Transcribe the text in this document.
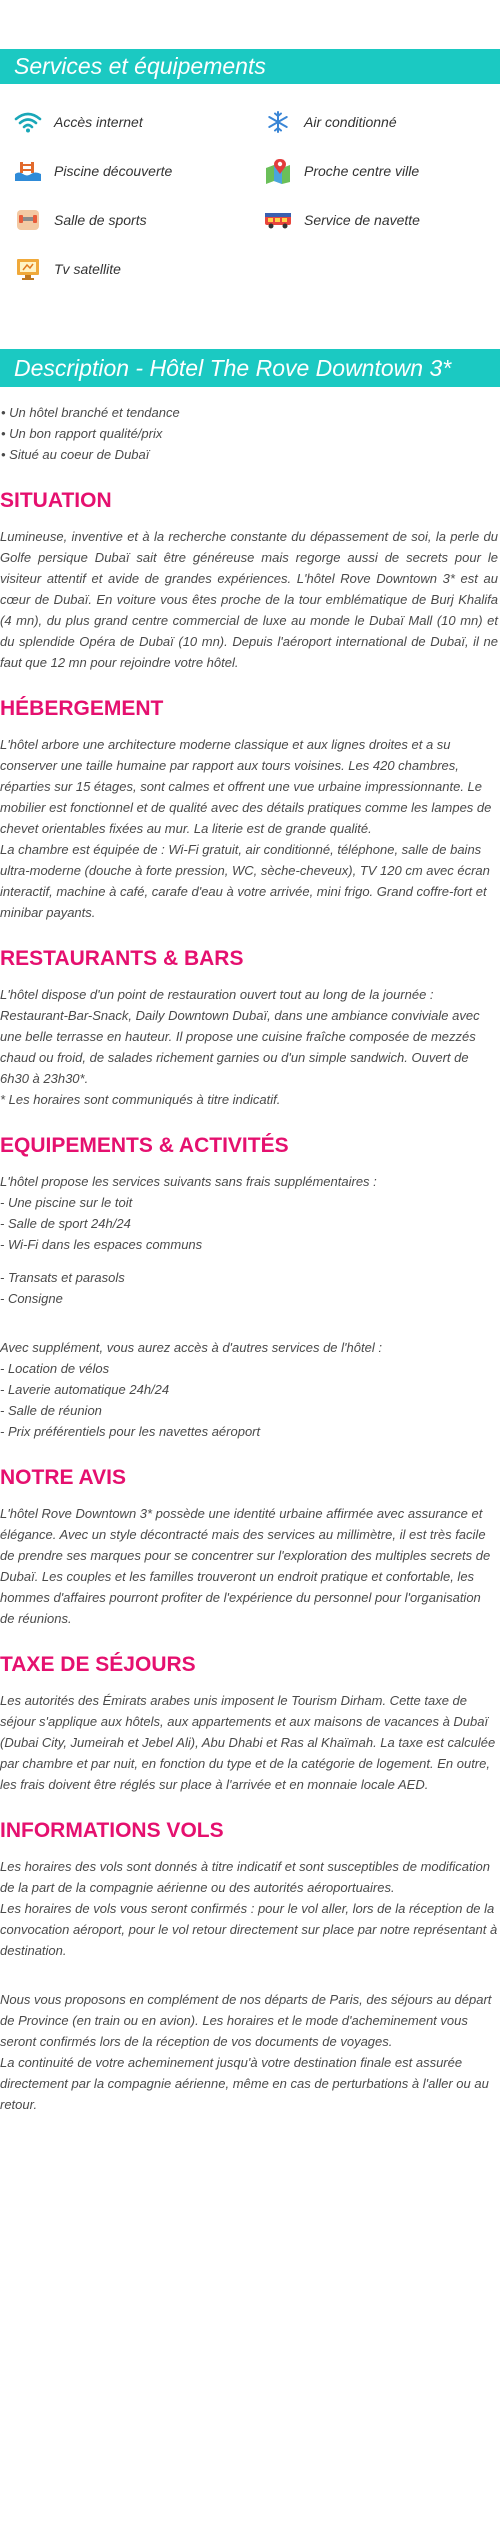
Services et équipements
Accès internet	Air conditionné
Piscine découverte	Proche centre ville
Salle de sports	Service de navette
Tv satellite
Description - Hôtel The Rove Downtown 3*
• Un hôtel branché et tendance
• Un bon rapport qualité/prix
• Situé au coeur de Dubaï
SITUATION

Lumineuse, inventive et à la recherche constante du dépassement de soi, la perle du Golfe persique Dubaï sait être généreuse mais regorge aussi de secrets pour le visiteur attentif et avide de grandes expériences. L'hôtel Rove Downtown 3* est au cœur de Dubaï. En voiture vous êtes proche de la tour emblématique de Burj Khalifa (4 mn), du plus grand centre commercial de luxe au monde le Dubaï Mall (10 mn) et du splendide Opéra de Dubaï (10 mn). Depuis l'aéroport international de Dubaï, il ne faut que 12 mn pour rejoindre votre hôtel.

HÉBERGEMENT

L'hôtel arbore une architecture moderne classique et aux lignes droites et a su conserver une taille humaine par rapport aux tours voisines. Les 420 chambres, réparties sur 15 étages, sont calmes et offrent une vue urbaine impressionnante. Le mobilier est fonctionnel et de qualité avec des détails pratiques comme les lampes de chevet orientables fixées au mur. La literie est de grande qualité.

La chambre est équipée de : Wi-Fi gratuit, air conditionné, téléphone, salle de bains ultra-moderne (douche à forte pression, WC, sèche-cheveux), TV 120 cm avec écran interactif, machine à café, carafe d'eau à votre arrivée, mini frigo. Grand coffre-fort et minibar payants.

RESTAURANTS & BARS

L'hôtel dispose d'un point de restauration ouvert tout au long de la journée : Restaurant-Bar-Snack, Daily Downtown Dubaï, dans une ambiance conviviale avec une belle terrasse en hauteur. Il propose une cuisine fraîche composée de mezzés chaud ou froid, de salades richement garnies ou d'un simple sandwich. Ouvert de 6h30 à 23h30*.

* Les horaires sont communiqués à titre indicatif.

EQUIPEMENTS & ACTIVITÉS
L'hôtel propose les services suivants sans frais supplémentaires :
- Une piscine sur le toit
- Salle de sport 24h/24
- Wi-Fi dans les espaces communs
- Transats et parasols
- Consigne
Avec supplément, vous aurez accès à d'autres services de l'hôtel :
- Location de vélos
- Laverie automatique 24h/24
- Salle de réunion
- Prix préférentiels pour les navettes aéroport
NOTRE AVIS

L'hôtel Rove Downtown 3* possède une identité urbaine affirmée avec assurance et élégance. Avec un style décontracté mais des services au millimètre, il est très facile de prendre ses marques pour se concentrer sur l'exploration des multiples secrets de Dubaï. Les couples et les familles trouveront un endroit pratique et confortable, les hommes d'affaires pourront profiter de l'expérience du personnel pour l'organisation de réunions.

TAXE DE SÉJOURS

Les autorités des Émirats arabes unis imposent le Tourism Dirham. Cette taxe de séjour s'applique aux hôtels, aux appartements et aux maisons de vacances à Dubaï (Dubai City, Jumeirah et Jebel Ali), Abu Dhabi et Ras al Khaïmah. La taxe est calculée par chambre et par nuit, en fonction du type et de la catégorie de logement. En outre, les frais doivent être réglés sur place à l'arrivée et en monnaie locale AED.

INFORMATIONS VOLS

Les horaires des vols sont donnés à titre indicatif et sont susceptibles de modification de la part de la compagnie aérienne ou des autorités aéroportuaires.

Les horaires de vols vous seront confirmés : pour le vol aller, lors de la réception de la convocation aéroport, pour le vol retour directement sur place par notre représentant à destination.

Nous vous proposons en complément de nos départs de Paris, des séjours au départ de Province (en train ou en avion). Les horaires et le mode d'acheminement vous seront confirmés lors de la réception de vos documents de voyages.

La continuité de votre acheminement jusqu'à votre destination finale est assurée directement par la compagnie aérienne, même en cas de perturbations à l'aller ou au retour.
